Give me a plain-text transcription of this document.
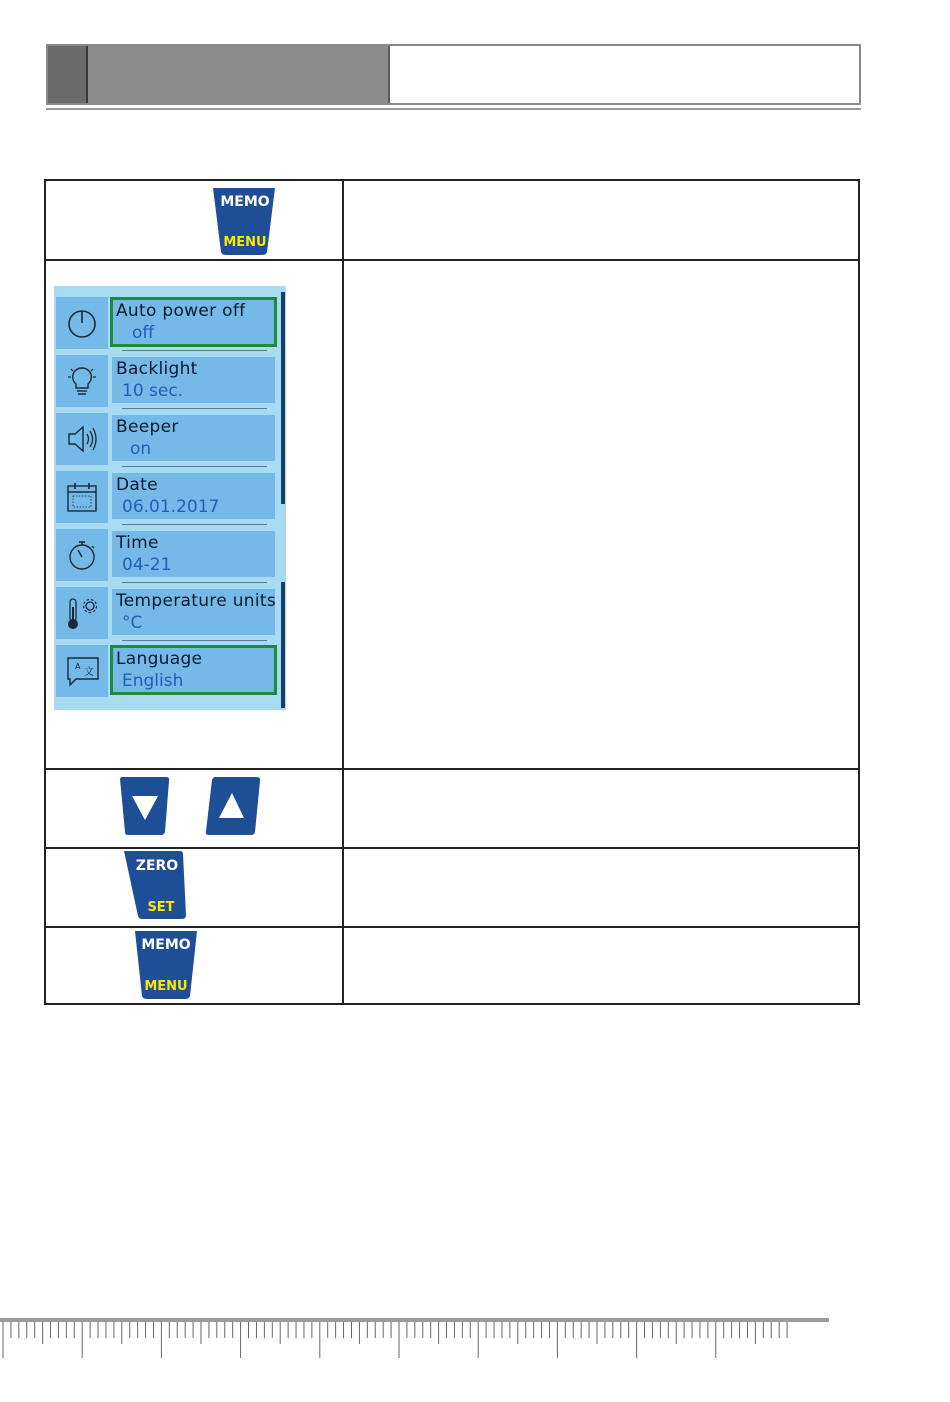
MEMO
MENU
Auto power off
off
Backlight
10 sec.
Beeper
on
Date
06.01.2017
Time
04-21
Temperature units
°C
A
文
Language
English
ZERO
SET
MEMO
MENU
